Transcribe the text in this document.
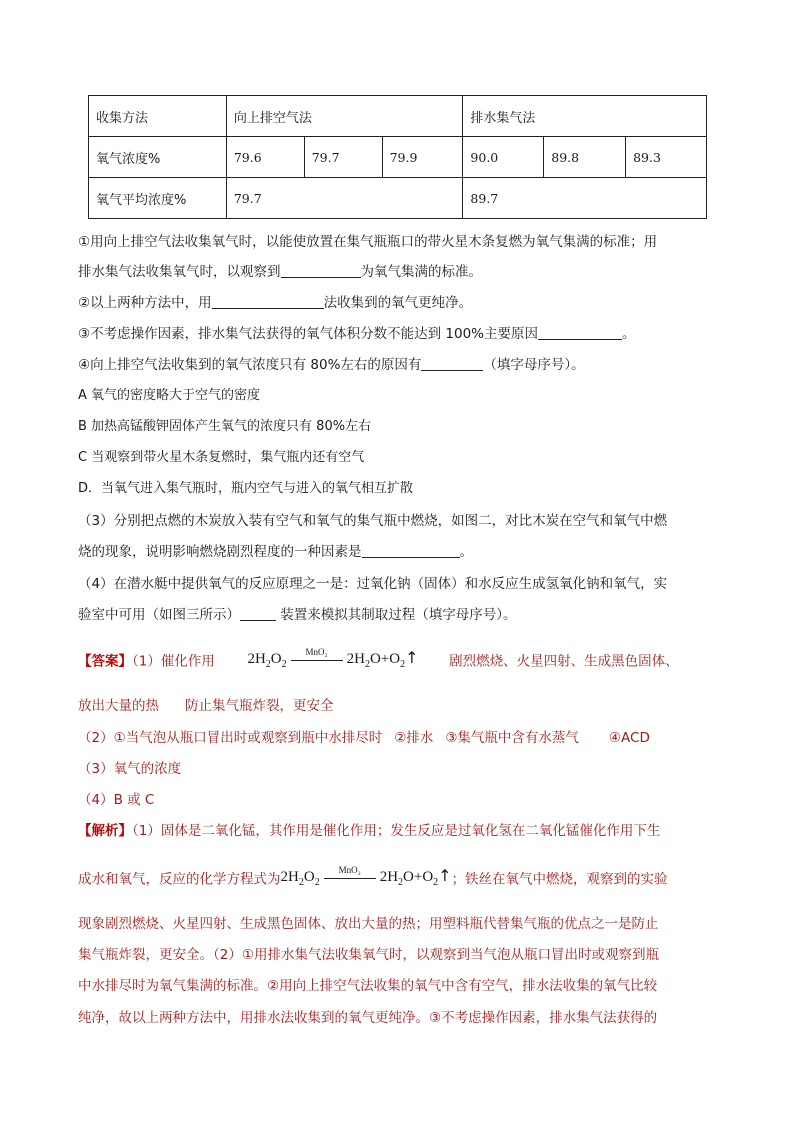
收集方法	向上排空气法			排水集气法		
氧气浓度%	79.6	79.7	79.9	90.0	89.8	89.3
氧气平均浓度%	79.7			89.7		
①用向上排空气法收集氧气时，以能使放置在集气瓶瓶口的带火星木条复燃为氧气集满的标准；用
排水集气法收集氧气时，以观察到	为氧气集满的标准。
②以上两种方法中，用	法收集到的氧气更纯净。
③不考虑操作因素，排水集气法获得的氧气体积分数不能达到 100%主要原因	。
④向上排空气法收集到的氧气浓度只有 80%左右的原因有	（填字母序号）。
A 氧气的密度略大于空气的密度
B 加热高锰酸钾固体产生氧气的浓度只有 80%左右
C 当观察到带火星木条复燃时，集气瓶内还有空气
D．当氧气进入集气瓶时，瓶内空气与进入的氧气相互扩散
（3）分别把点燃的木炭放入装有空气和氧气的集气瓶中燃烧，如图二，对比木炭在空气和氧气中燃
烧的现象，说明影响燃烧剧烈程度的一种因素是	。
（4）在潜水艇中提供氧气的反应原理之一是：过氧化钠（固体）和水反应生成氢氧化钠和氧气，实
验室中可用（如图三所示）	装置来模拟其制取过程（填字母序号）。
【答案】（1）催化作用 $2H_2O_2$
MnO₂	$2H_2O+O_2↑$ 剧烈燃烧、火星四射、生成黑色固体、
放出大量的热 防止集气瓶炸裂，更安全
（2）①当气泡从瓶口冒出时或观察到瓶中水排尽时 ②排水 ③集气瓶中含有水蒸气 ④ACD
（3）氧气的浓度
（4）B 或 C
【解析】（1）固体是二氧化锰，其作用是催化作用；发生反应是过氧化氢在二氧化锰催化作用下生
成水和氧气，反应的化学方程式为$2H_2O_2$
MnO₂	$2H_2O+O_2↑$；铁丝在氧气中燃烧，观察到的实验
现象剧烈燃烧、火星四射、生成黑色固体、放出大量的热；用塑料瓶代替集气瓶的优点之一是防止
集气瓶炸裂，更安全。（2）①用排水集气法收集氧气时，以观察到当气泡从瓶口冒出时或观察到瓶
中水排尽时为氧气集满的标准。②用向上排空气法收集的氧气中含有空气，排水法收集的氧气比较
纯净，故以上两种方法中，用排水法收集到的氧气更纯净。③不考虑操作因素，排水集气法获得的
